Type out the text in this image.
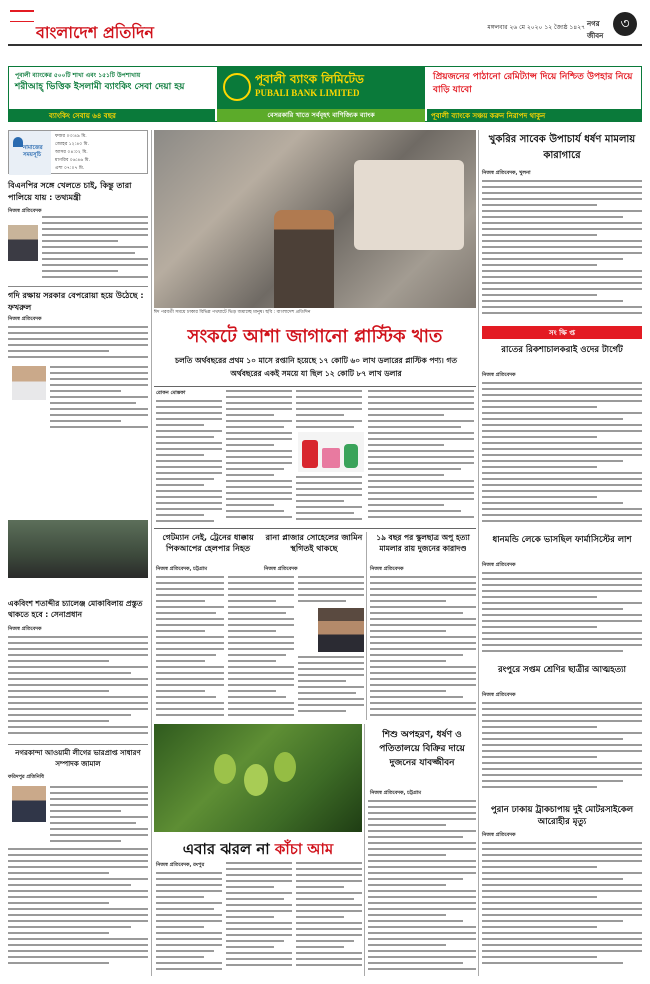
বাংলাদেশ প্রতিদিন	মঙ্গলবার ২৬ মে ২০২০ ১২ জ্যৈষ্ঠ ১৪২৭ নগর জীবন
৩
পূবালী ব্যাংকের ৫০০টি শাখা এবং ১৫১টি উপশাখায়
শরীআহ্ ভিত্তিক ইসলামী ব্যাংকিং সেবা দেয়া হয়
ব্যাংকিং সেবায় ৬৪ বছর
পূবালী ব্যাংক লিমিটেড
PUBALI BANK LIMITED
বেসরকারি খাতে সর্ববৃহৎ বাণিজ্যিক ব্যাংক
প্রিয়জনের পাঠানো রেমিট্যান্স দিয়ে নিশ্চিত উপহার নিয়ে বাড়ি যাবো
পূবালী ব্যাংকে সঞ্চয় করুন নিরাপদ থাকুন
নামাজের সময়সূচি
ফজর ০৩:৪৯ মি.
জোহর ১২:৪০ মি.
আসর ০৪:০২ মি.
মাগরিব ০৬:৪৬ মি.
এশা ০৭:০৭ মি.
বিএনপির সঙ্গে খেলতে চাই, কিন্তু তারা পালিয়ে যায় : তথ্যমন্ত্রী
নিজস্ব প্রতিবেদক
গদি রক্ষায় সরকার বেপরোয়া হয়ে উঠেছে : ফখরুল
নিজস্ব প্রতিবেদক
একবিংশ শতাব্দীর চ্যালেঞ্জ মোকাবিলায় প্রস্তুত থাকতে হবে : সেনাপ্রধান
নিজস্ব প্রতিবেদক
নগরকান্দা আওয়ামী লীগের ভারপ্রাপ্ত সাধারণ সম্পাদক জামাল
ফরিদপুর প্রতিনিধি
ঈদ পরবর্তী সময়ে ঢাকার বিভিন্ন পথঘাটে ভিড় জমাচ্ছে মানুষ। ছবি : বাংলাদেশ প্রতিদিন
সংকটে আশা জাগানো প্লাস্টিক খাত
চলতি অর্থবছরের প্রথম ১০ মাসে রপ্তানি হয়েছে ১৭ কোটি ৬০ লাখ ডলারের প্লাস্টিক পণ্য। গত অর্থবছরের একই সময়ে যা ছিল ১২ কোটি ৮৭ লাখ ডলার
রোকন মোস্তফা
গেটম্যান নেই, ট্রেনের ধাক্কায় পিকআপের হেলপার নিহত
নিজস্ব প্রতিবেদক, চট্টগ্রাম
রানা প্লাজার সোহেলের জামিন স্থগিতই থাকছে
নিজস্ব প্রতিবেদক
১৯ বছর পর স্কুলছাত্র অপু হত্যা মামলার রায় দুজনের কারাদণ্ড
নিজস্ব প্রতিবেদক
এবার ঝরল না কাঁচা আম
নিজস্ব প্রতিবেদক, রংপুর
শিশু অপহরণ, ধর্ষণ ও পতিতালয়ে বিক্রির দায়ে দুজনের যাবজ্জীবন
নিজস্ব প্রতিবেদক, চট্টগ্রাম
খুকরির সাবেক উপাচার্য ধর্ষণ মামলায় কারাগারে
নিজস্ব প্রতিবেদক, খুলনা
সং ক্ষি প্ত
রাতের রিকশাচালকরাই ওদের টার্গেট
নিজস্ব প্রতিবেদক
ধানমন্ডি লেকে ভাসছিল ফার্মাসিস্টের লাশ
নিজস্ব প্রতিবেদক
রংপুরে সপ্তম শ্রেণির ছাত্রীর আত্মহত্যা
নিজস্ব প্রতিবেদক
পুরান ঢাকায় ট্রাকচাপায় দুই মোটরসাইকেল আরোহীর মৃত্যু
নিজস্ব প্রতিবেদক
